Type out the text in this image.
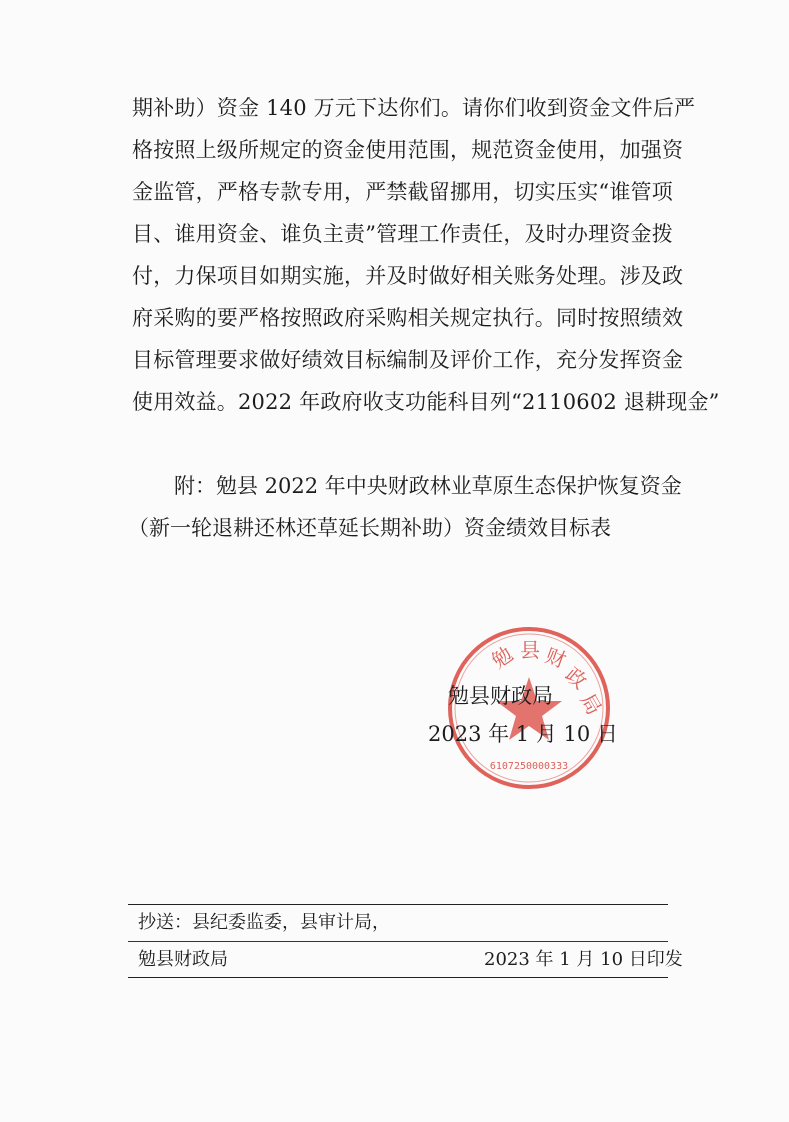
期补助）资金 140 万元下达你们。请你们收到资金文件后严
格按照上级所规定的资金使用范围，规范资金使用，加强资
金监管，严格专款专用，严禁截留挪用，切实压实“谁管项
目、谁用资金、谁负主责”管理工作责任，及时办理资金拨
付，力保项目如期实施，并及时做好相关账务处理。涉及政
府采购的要严格按照政府采购相关规定执行。同时按照绩效
目标管理要求做好绩效目标编制及评价工作，充分发挥资金
使用效益。2022 年政府收支功能科目列“2110602 退耕现金”
附：勉县 2022 年中央财政林业草原生态保护恢复资金
（新一轮退耕还林还草延长期补助）资金绩效目标表
勉 县 财
政
局
6107250000333
勉县财政局
2023 年 1 月 10 日
抄送：县纪委监委，县审计局，
勉县财政局	2023 年 1 月 10 日印发
